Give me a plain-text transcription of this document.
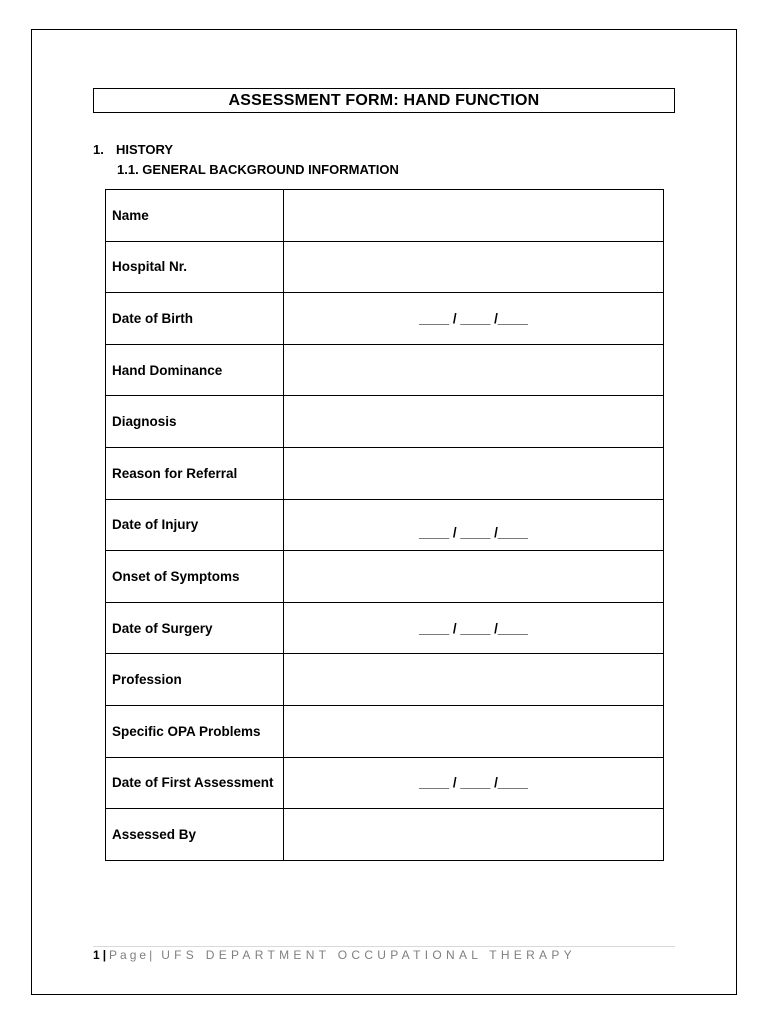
ASSESSMENT FORM: HAND FUNCTION
1. HISTORY
1.1. GENERAL BACKGROUND INFORMATION
Name	
Hospital Nr.	
Date of Birth	____ / ____ /____
Hand Dominance	
Diagnosis	
Reason for Referral	
Date of Injury	____ / ____ /____
Onset of Symptoms	
Date of Surgery	____ / ____ /____
Profession	
Specific OPA Problems	
Date of First Assessment	____ / ____ /____
Assessed By	
1 | Page| UFS DEPARTMENT OCCUPATIONAL THERAPY
